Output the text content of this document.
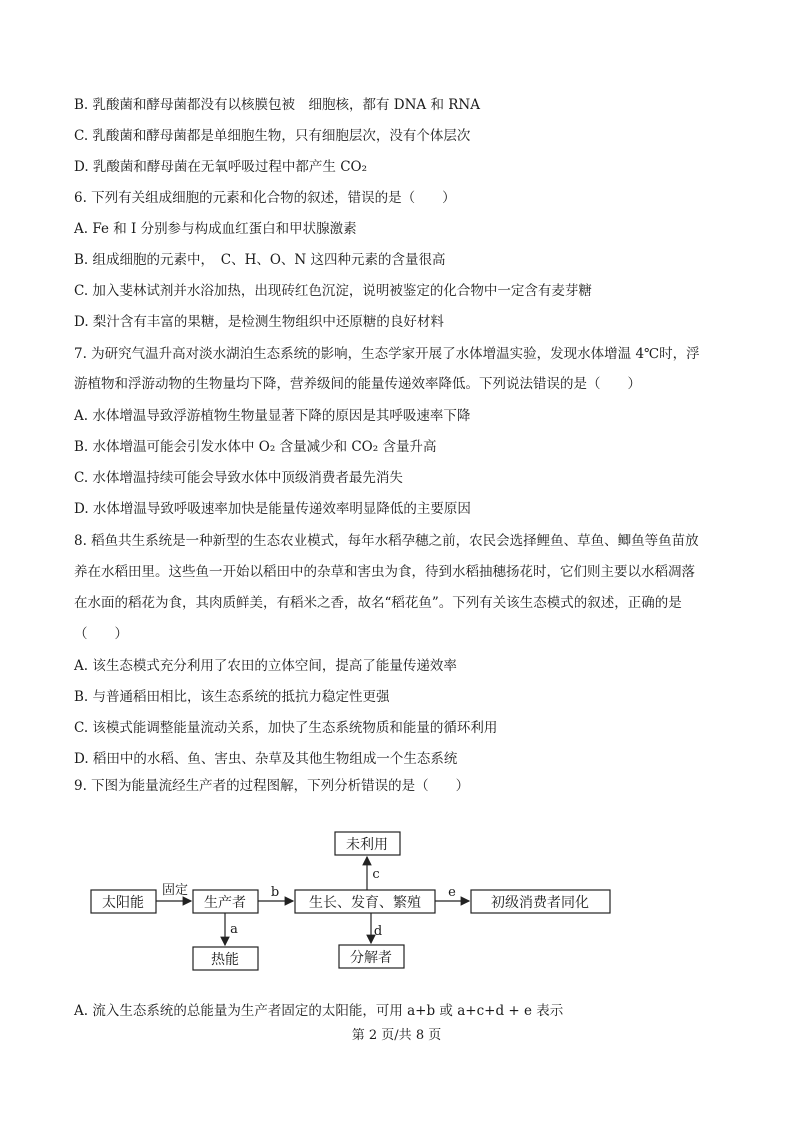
B. 乳酸菌和酵母菌都没有以核膜包被　细胞核，都有 DNA 和 RNA
C. 乳酸菌和酵母菌都是单细胞生物，只有细胞层次，没有个体层次
D. 乳酸菌和酵母菌在无氧呼吸过程中都产生 CO₂
6. 下列有关组成细胞的元素和化合物的叙述，错误的是（　　）
A. Fe 和 I 分别参与构成血红蛋白和甲状腺激素
B. 组成细胞的元素中，　C、H、O、N 这四种元素的含量很高
C. 加入斐林试剂并水浴加热，出现砖红色沉淀，说明被鉴定的化合物中一定含有麦芽糖
D. 梨汁含有丰富的果糖，是检测生物组织中还原糖的良好材料
7. 为研究气温升高对淡水湖泊生态系统的影响，生态学家开展了水体增温实验，发现水体增温 4℃时，浮
游植物和浮游动物的生物量均下降，营养级间的能量传递效率降低。下列说法错误的是（　　）
A. 水体增温导致浮游植物生物量显著下降的原因是其呼吸速率下降
B. 水体增温可能会引发水体中 O₂ 含量减少和 CO₂ 含量升高
C. 水体增温持续可能会导致水体中顶级消费者最先消失
D. 水体增温导致呼吸速率加快是能量传递效率明显降低的主要原因
8. 稻鱼共生系统是一种新型的生态农业模式，每年水稻孕穗之前，农民会选择鲤鱼、草鱼、鲫鱼等鱼苗放
养在水稻田里。这些鱼一开始以稻田中的杂草和害虫为食，待到水稻抽穗扬花时，它们则主要以水稻凋落
在水面的稻花为食，其肉质鲜美，有稻米之香，故名“稻花鱼”。下列有关该生态模式的叙述，正确的是
（　　）
A. 该生态模式充分利用了农田的立体空间，提高了能量传递效率
B. 与普通稻田相比，该生态系统的抵抗力稳定性更强
C. 该模式能调整能量流动关系，加快了生态系统物质和能量的循环利用
D. 稻田中的水稻、鱼、害虫、杂草及其他生物组成一个生态系统
9. 下图为能量流经生产者的过程图解，下列分析错误的是（　　）
未利用
太阳能	生产者	生长、发育、繁殖	初级消费者同化
热能	分解者
固定	b	e
c
d
a
A. 流入生态系统的总能量为生产者固定的太阳能，可用 a+b 或 a+c+d + e 表示
第 2 页/共 8 页
